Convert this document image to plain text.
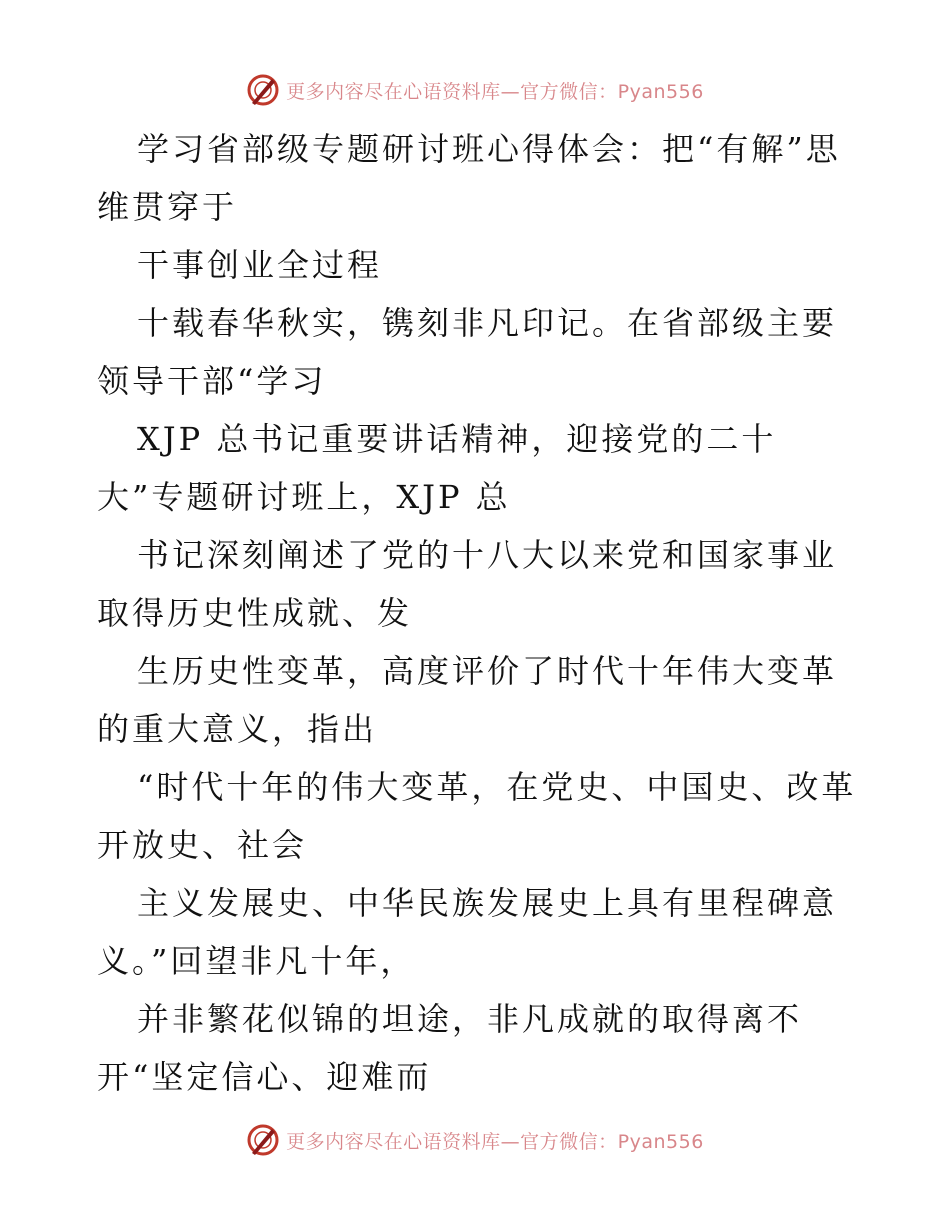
更多内容尽在心语资料库—官方微信：Pyan556

学习省部级专题研讨班心得体会：把“有解”思维贯穿于

干事创业全过程

十载春华秋实，镌刻非凡印记。在省部级主要领导干部“学习

XJP 总书记重要讲话精神，迎接党的二十大”专题研讨班上，XJP 总

书记深刻阐述了党的十八大以来党和国家事业取得历史性成就、发

生历史性变革，高度评价了时代十年伟大变革的重大意义，指出

“时代十年的伟大变革，在党史、中国史、改革开放史、社会

主义发展史、中华民族发展史上具有里程碑意义。”回望非凡十年，

并非繁花似锦的坦途，非凡成就的取得离不开“坚定信心、迎难而

更多内容尽在心语资料库—官方微信：Pyan556
